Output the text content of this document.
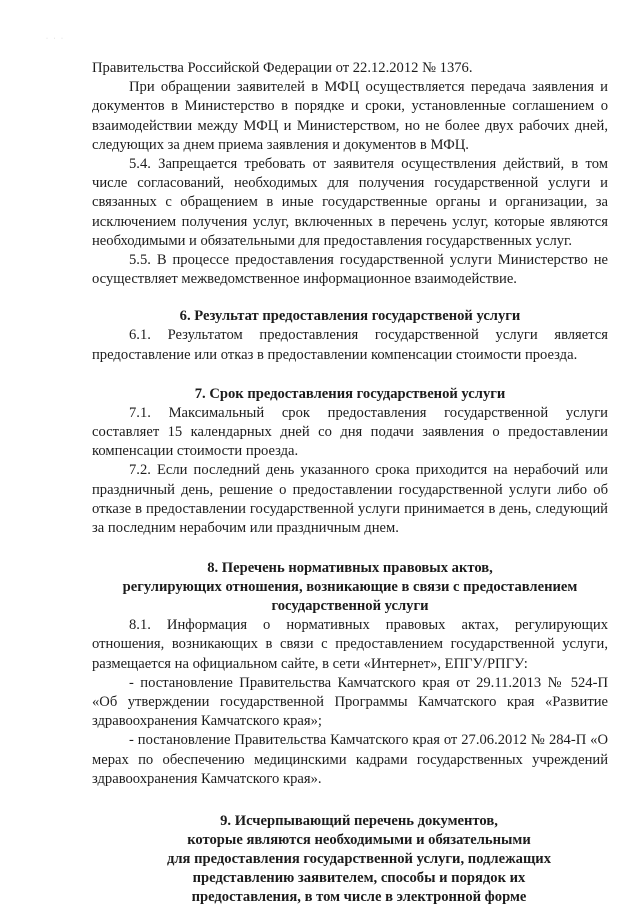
· · ·

Правительства Российской Федерации от 22.12.2012 № 1376.

При обращении заявителей в МФЦ осуществляется передача заявления и документов в Министерство в порядке и сроки, установленные соглашением о взаимодействии между МФЦ и Министерством, но не более двух рабочих дней, следующих за днем приема заявления и документов в МФЦ.

5.4. Запрещается требовать от заявителя осуществления действий, в том числе согласований, необходимых для получения государственной услуги и связанных с обращением в иные государственные органы и организации, за исключением получения услуг, включенных в перечень услуг, которые являются необходимыми и обязательными для предоставления государственных услуг.

5.5. В процессе предоставления государственной услуги Министерство не осуществляет межведомственное информационное взаимодействие.

6. Результат предоставления государственой услуги

6.1. Результатом предоставления государственной услуги является предоставление или отказ в предоставлении компенсации стоимости проезда.

7. Срок предоставления государственой услуги

7.1. Максимальный срок предоставления государственной услуги составляет 15 календарных дней со дня подачи заявления о предоставлении компенсации стоимости проезда.

7.2. Если последний день указанного срока приходится на нерабочий или праздничный день, решение о предоставлении государственной услуги либо об отказе в предоставлении государственной услуги принимается в день, следующий за последним нерабочим или праздничным днем.

8. Перечень нормативных правовых актов,
регулирующих отношения, возникающие в связи с предоставлением
государственной услуги

8.1. Информация о нормативных правовых актах, регулирующих отношения, возникающих в связи с предоставлением государственной услуги, размещается на официальном сайте, в сети «Интернет», ЕПГУ/РПГУ:

- постановление Правительства Камчатского края от 29.11.2013 № 524-П «Об утверждении государственной Программы Камчатского края «Развитие здравоохранения Камчатского края»;

- постановление Правительства Камчатского края от 27.06.2012 № 284-П «О мерах по обеспечению медицинскими кадрами государственных учреждений здравоохранения Камчатского края».

9. Исчерпывающий перечень документов,
которые являются необходимыми и обязательными
для предоставления государственной услуги, подлежащих
представлению заявителем, способы и порядок их
предоставления, в том числе в электронной форме
